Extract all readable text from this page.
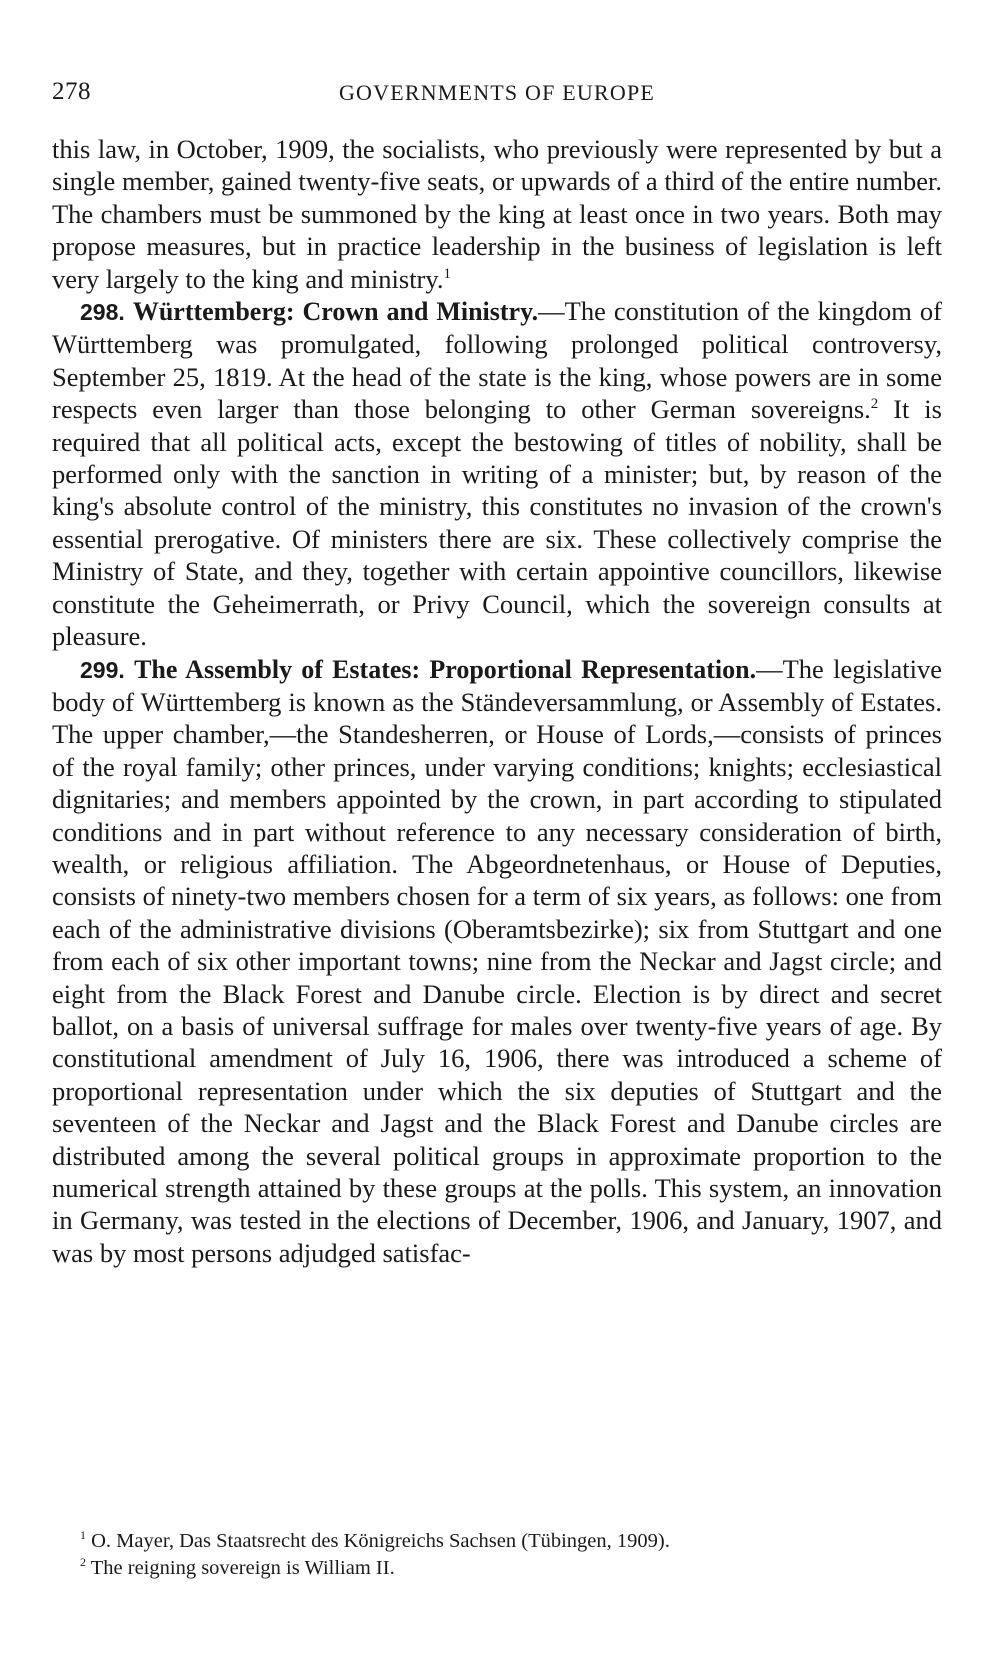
278	GOVERNMENTS OF EUROPE

this law, in October, 1909, the socialists, who previously were represented by but a single member, gained twenty-five seats, or upwards of a third of the entire number. The chambers must be summoned by the king at least once in two years. Both may propose measures, but in practice leadership in the business of legislation is left very largely to the king and ministry.$^1$

298. Württemberg: Crown and Ministry.—The constitution of the kingdom of Württemberg was promulgated, following prolonged political controversy, September 25, 1819. At the head of the state is the king, whose powers are in some respects even larger than those belonging to other German sovereigns.$^2$ It is required that all political acts, except the bestowing of titles of nobility, shall be performed only with the sanction in writing of a minister; but, by reason of the king's absolute control of the ministry, this constitutes no invasion of the crown's essential prerogative. Of ministers there are six. These collectively comprise the Ministry of State, and they, together with certain appointive councillors, likewise constitute the Geheimerrath, or Privy Council, which the sovereign consults at pleasure.

299. The Assembly of Estates: Proportional Representation.—The legislative body of Württemberg is known as the Ständeversammlung, or Assembly of Estates. The upper chamber,—the Standesherren, or House of Lords,—consists of princes of the royal family; other princes, under varying conditions; knights; ecclesiastical dignitaries; and members appointed by the crown, in part according to stipulated conditions and in part without reference to any necessary consideration of birth, wealth, or religious affiliation. The Abgeordnetenhaus, or House of Deputies, consists of ninety-two members chosen for a term of six years, as follows: one from each of the administrative divisions (Oberamtsbezirke); six from Stuttgart and one from each of six other important towns; nine from the Neckar and Jagst circle; and eight from the Black Forest and Danube circle. Election is by direct and secret ballot, on a basis of universal suffrage for males over twenty-five years of age. By constitutional amendment of July 16, 1906, there was introduced a scheme of proportional representation under which the six deputies of Stuttgart and the seventeen of the Neckar and Jagst and the Black Forest and Danube circles are distributed among the several political groups in approximate proportion to the numerical strength attained by these groups at the polls. This system, an innovation in Germany, was tested in the elections of December, 1906, and January, 1907, and was by most persons adjudged satisfac-

$^1$ O. Mayer, Das Staatsrecht des Königreichs Sachsen (Tübingen, 1909).
$^2$ The reigning sovereign is William II.
